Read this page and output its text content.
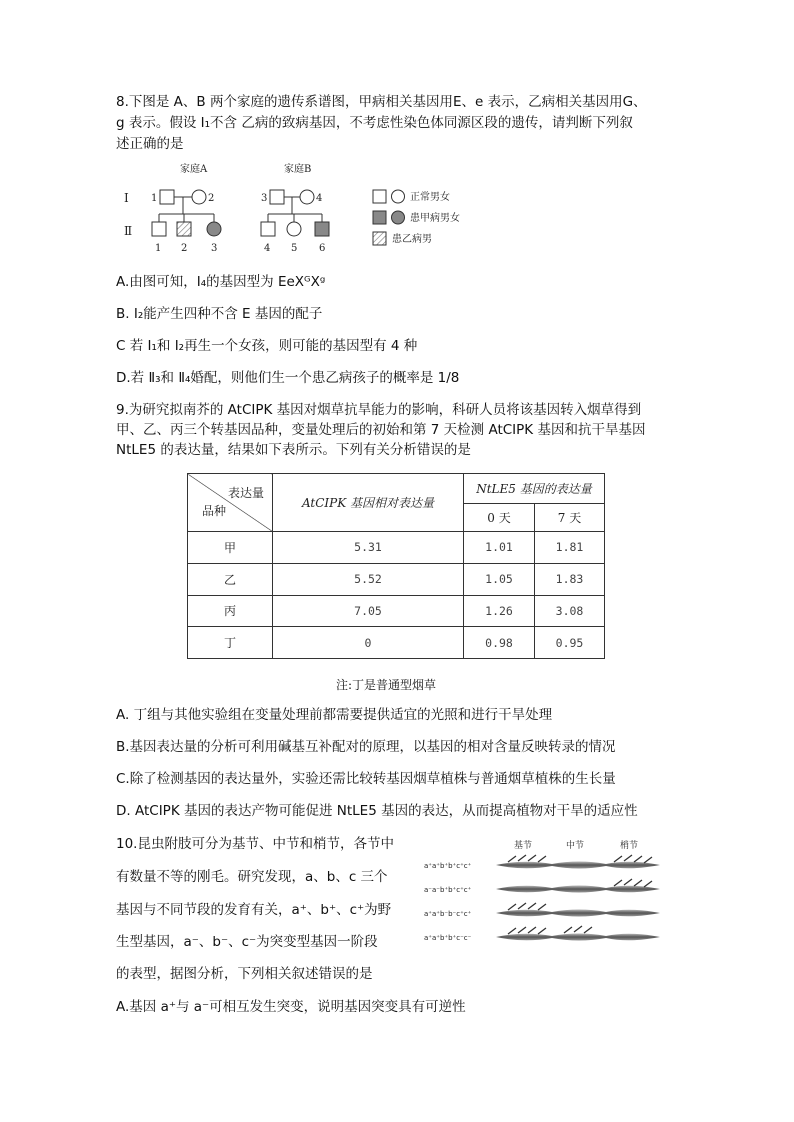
8.下图是 A、B 两个家庭的遗传系谱图，甲病相关基因用E、e 表示，乙病相关基因用G、
g 表示。假设 I₁不含 乙病的致病基因，不考虑性染色体同源区段的遗传，请判断下列叙
述正确的是
家庭A	家庭B
Ⅰ
Ⅱ
1	2	3	4
1 2 3	4 5 6
正常男女
患甲病男女
患乙病男
A.由图可知，Ⅰ₄的基因型为 EeXᴳXᵍ
B. Ⅰ₂能产生四种不含 E 基因的配子
C 若 Ⅰ₁和 Ⅰ₂再生一个女孩，则可能的基因型有 4 种
D.若 Ⅱ₃和 Ⅱ₄婚配，则他们生一个患乙病孩子的概率是 1/8
9.为研究拟南芥的 AtCIPK 基因对烟草抗旱能力的影响，科研人员将该基因转入烟草得到
甲、乙、丙三个转基因品种，变量处理后的初始和第 7 天检测 AtCIPK 基因和抗干旱基因
NtLE5 的表达量，结果如下表所示。下列有关分析错误的是
表达量
品种	AtCIPK 基因相对表达量	NtLE5 基因的表达量	
		0 天	7 天
甲	5.31	1.01	1.81
乙	5.52	1.05	1.83
丙	7.05	1.26	3.08
丁	0	0.98	0.95
注:丁是普通型烟草
A. 丁组与其他实验组在变量处理前都需要提供适宜的光照和进行干旱处理
B.基因表达量的分析可利用碱基互补配对的原理，以基因的相对含量反映转录的情况
C.除了检测基因的表达量外，实验还需比较转基因烟草植株与普通烟草植株的生长量
D. AtCIPK 基因的表达产物可能促进 NtLE5 基因的表达，从而提高植物对干旱的适应性
10.昆虫附肢可分为基节、中节和梢节，各节中
有数量不等的刚毛。研究发现，a、b、c 三个
基因与不同节段的发育有关，a⁺、b⁺、c⁺为野
生型基因，a⁻、b⁻、c⁻为突变型基因一阶段
的表型，据图分析，下列相关叙述错误的是
基节	中节	梢节
a⁺a⁺b⁺b⁺c⁺c⁺
a⁻a⁻b⁺b⁺c⁺c⁺
a⁺a⁺b⁻b⁻c⁺c⁺
a⁺a⁺b⁺b⁺c⁻c⁻
A.基因 a⁺与 a⁻可相互发生突变，说明基因突变具有可逆性
